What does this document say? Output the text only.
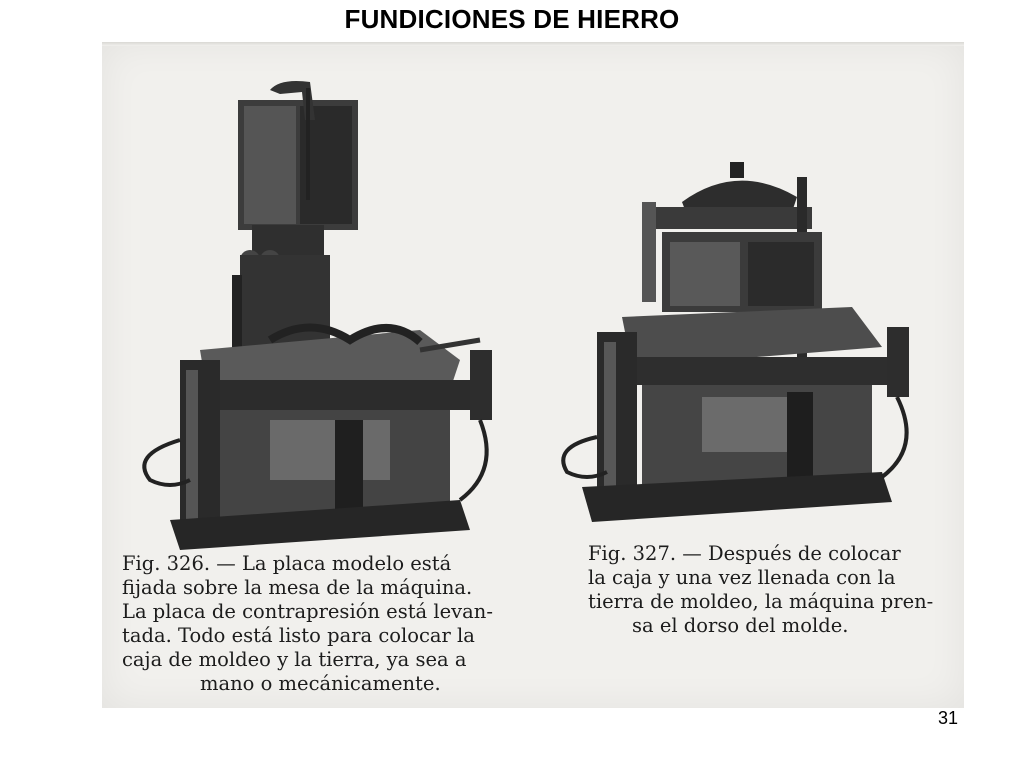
FUNDICIONES DE HIERRO
Fig. 326. — La placa modelo está
fijada sobre la mesa de la máquina.
La placa de contrapresión está levan-
tada. Todo está listo para colocar la
caja de moldeo y la tierra, ya sea a
mano o mecánicamente.
Fig. 327. — Después de colocar
la caja y una vez llenada con la
tierra de moldeo, la máquina pren-
sa el dorso del molde.
31
